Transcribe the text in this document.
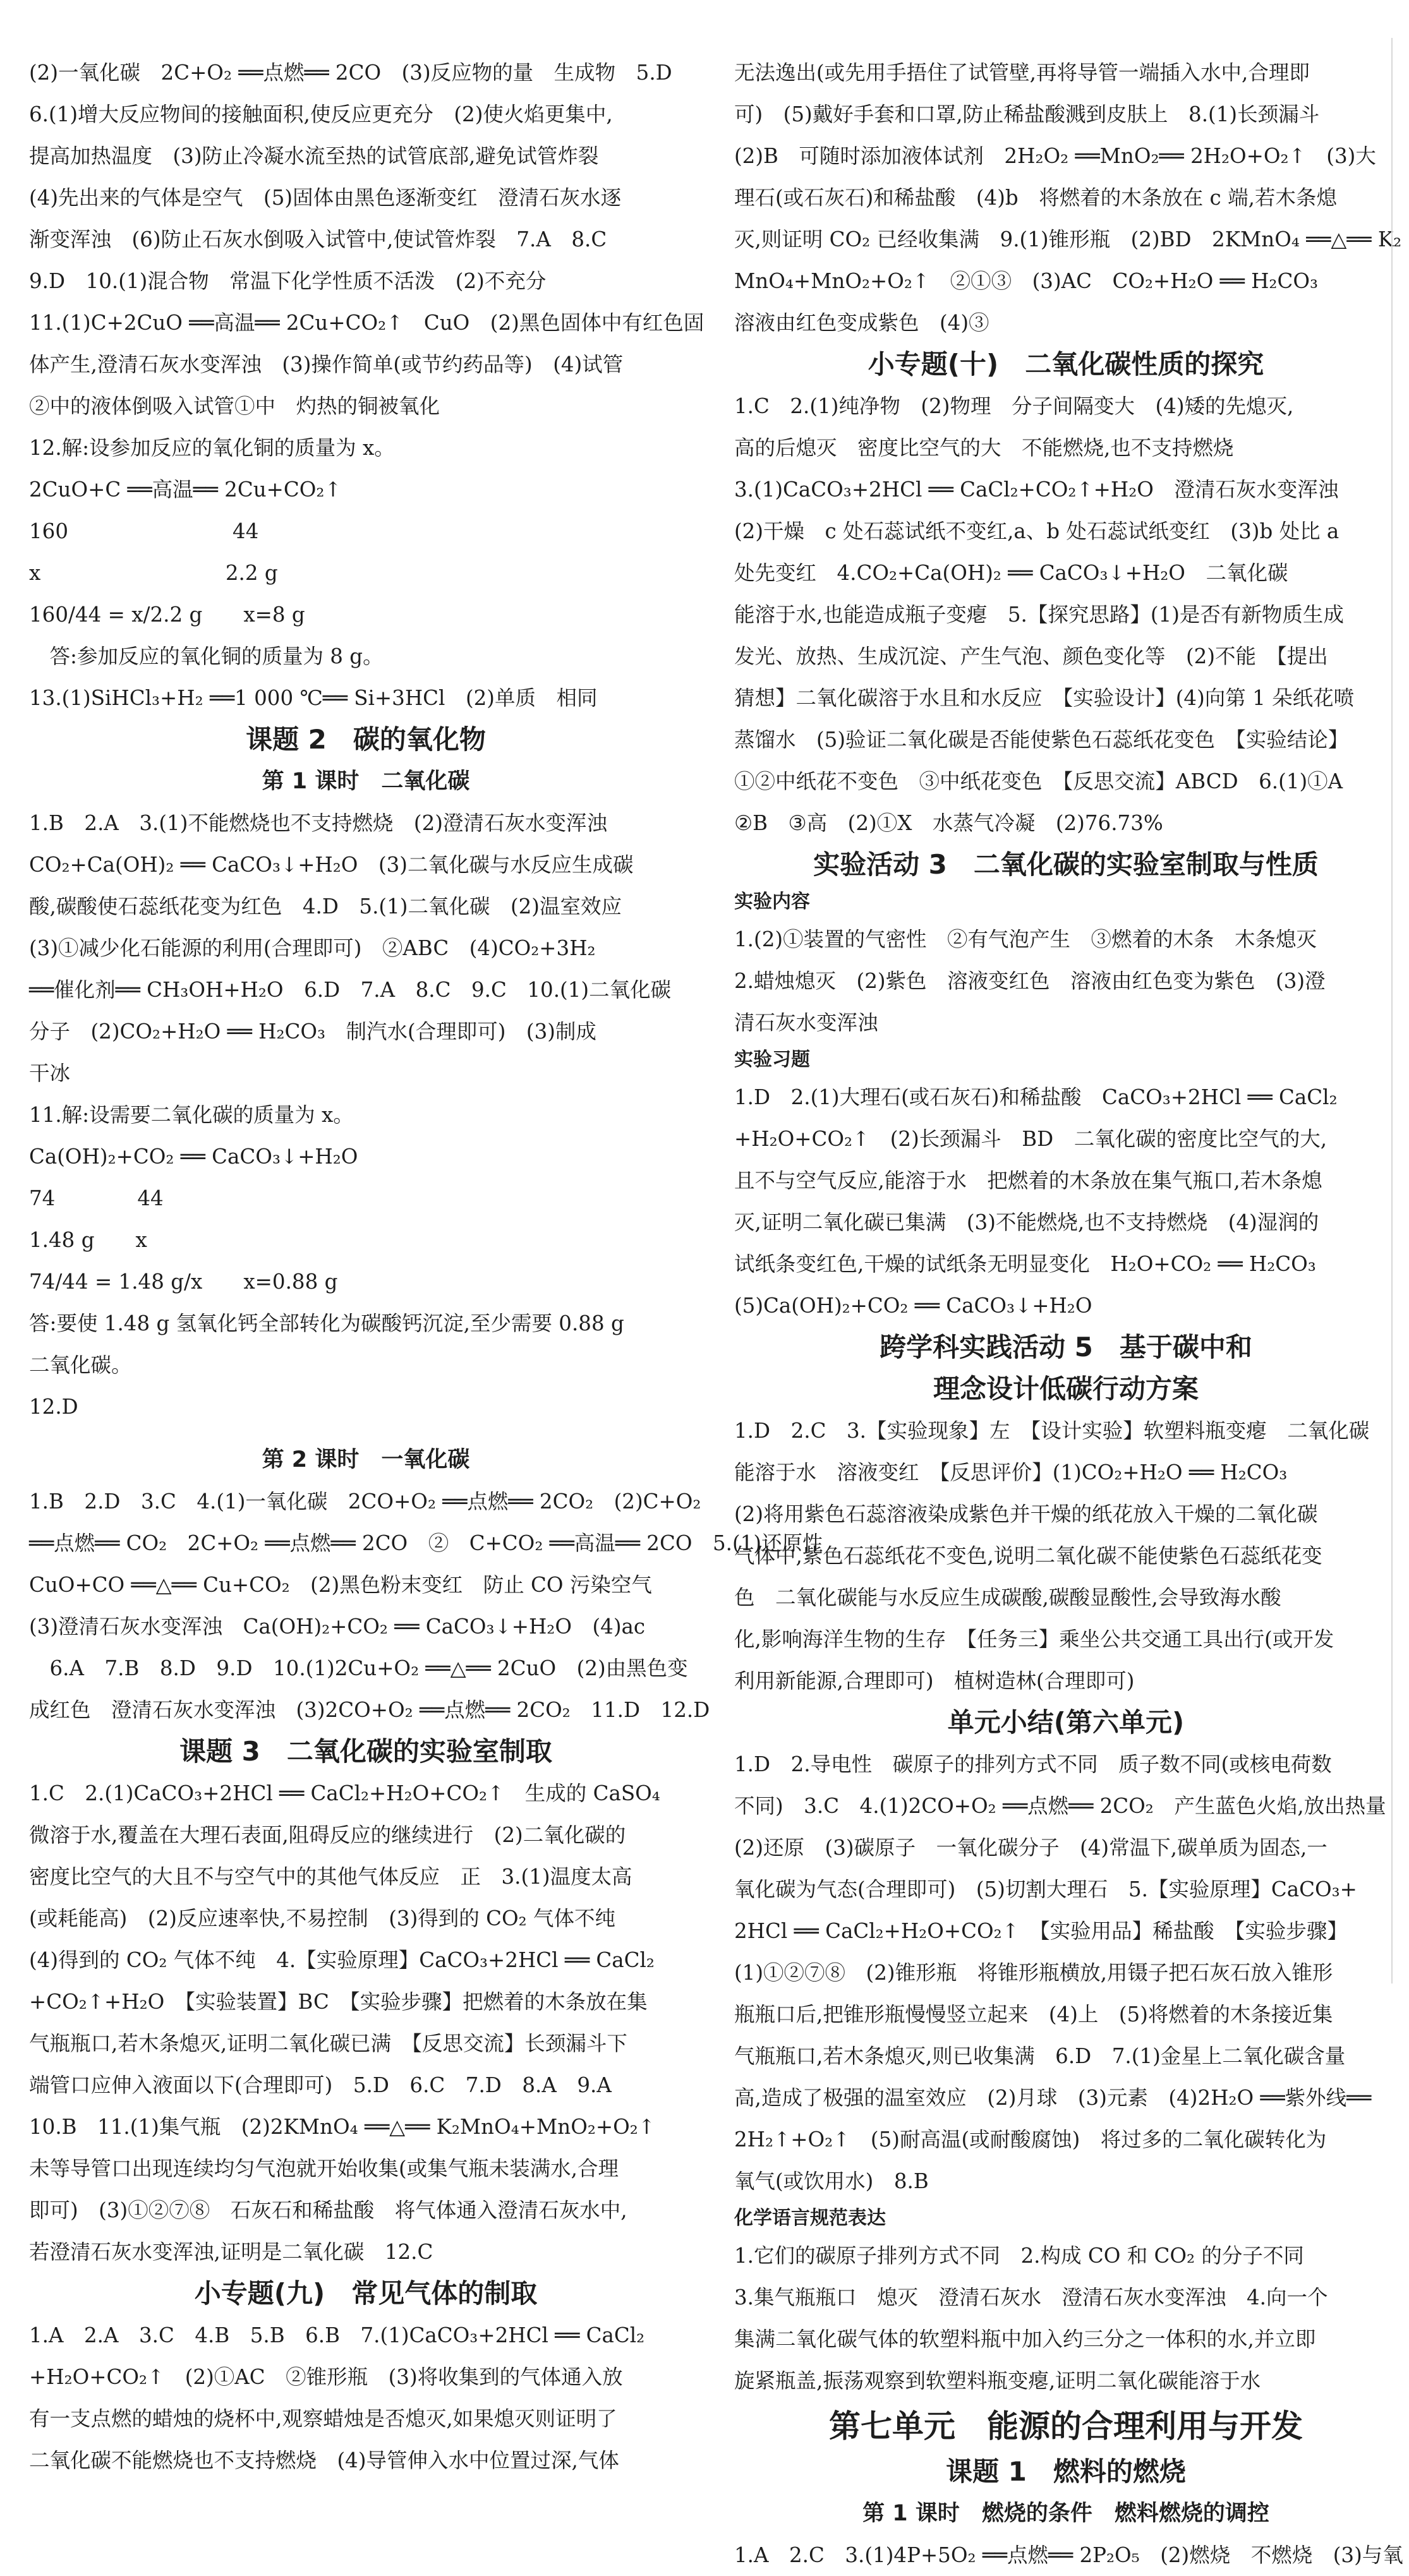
(2)一氧化碳　2C+O₂ ══点燃══ 2CO　(3)反应物的量　生成物　5.D
6.(1)增大反应物间的接触面积,使反应更充分　(2)使火焰更集中,
提高加热温度　(3)防止冷凝水流至热的试管底部,避免试管炸裂
(4)先出来的气体是空气　(5)固体由黑色逐渐变红　澄清石灰水逐
渐变浑浊　(6)防止石灰水倒吸入试管中,使试管炸裂　7.A　8.C
9.D　10.(1)混合物　常温下化学性质不活泼　(2)不充分
11.(1)C+2CuO ══高温══ 2Cu+CO₂↑　CuO　(2)黑色固体中有红色固
体产生,澄清石灰水变浑浊　(3)操作简单(或节约药品等)　(4)试管
②中的液体倒吸入试管①中　灼热的铜被氧化
12.解:设参加反应的氧化铜的质量为 x。
2CuO+C ══高温══ 2Cu+CO₂↑
160　　　　　　　　44
x　　　　　　　　　2.2 g
160/44 = x/2.2 g　　x=8 g
　答:参加反应的氧化铜的质量为 8 g。
13.(1)SiHCl₃+H₂ ══1 000 ℃══ Si+3HCl　(2)单质　相同
课题 2　碳的氧化物
第 1 课时　二氧化碳
1.B　2.A　3.(1)不能燃烧也不支持燃烧　(2)澄清石灰水变浑浊
CO₂+Ca(OH)₂ ══ CaCO₃↓+H₂O　(3)二氧化碳与水反应生成碳
酸,碳酸使石蕊纸花变为红色　4.D　5.(1)二氧化碳　(2)温室效应
(3)①减少化石能源的利用(合理即可)　②ABC　(4)CO₂+3H₂
══催化剂══ CH₃OH+H₂O　6.D　7.A　8.C　9.C　10.(1)二氧化碳
分子　(2)CO₂+H₂O ══ H₂CO₃　制汽水(合理即可)　(3)制成
干冰
11.解:设需要二氧化碳的质量为 x。
Ca(OH)₂+CO₂ ══ CaCO₃↓+H₂O
74　　　　44
1.48 g　　x
74/44 = 1.48 g/x　　x=0.88 g
答:要使 1.48 g 氢氧化钙全部转化为碳酸钙沉淀,至少需要 0.88 g
二氧化碳。
12.D
第 2 课时　一氧化碳
1.B　2.D　3.C　4.(1)一氧化碳　2CO+O₂ ══点燃══ 2CO₂　(2)C+O₂
══点燃══ CO₂　2C+O₂ ══点燃══ 2CO　②　C+CO₂ ══高温══ 2CO　5.(1)还原性
CuO+CO ══△══ Cu+CO₂　(2)黑色粉末变红　防止 CO 污染空气
(3)澄清石灰水变浑浊　Ca(OH)₂+CO₂ ══ CaCO₃↓+H₂O　(4)ac
　6.A　7.B　8.D　9.D　10.(1)2Cu+O₂ ══△══ 2CuO　(2)由黑色变
成红色　澄清石灰水变浑浊　(3)2CO+O₂ ══点燃══ 2CO₂　11.D　12.D
课题 3　二氧化碳的实验室制取
1.C　2.(1)CaCO₃+2HCl ══ CaCl₂+H₂O+CO₂↑　生成的 CaSO₄
微溶于水,覆盖在大理石表面,阻碍反应的继续进行　(2)二氧化碳的
密度比空气的大且不与空气中的其他气体反应　正　3.(1)温度太高
(或耗能高)　(2)反应速率快,不易控制　(3)得到的 CO₂ 气体不纯
(4)得到的 CO₂ 气体不纯　4.【实验原理】CaCO₃+2HCl ══ CaCl₂
+CO₂↑+H₂O　【实验装置】BC　【实验步骤】把燃着的木条放在集
气瓶瓶口,若木条熄灭,证明二氧化碳已满　【反思交流】长颈漏斗下
端管口应伸入液面以下(合理即可)　5.D　6.C　7.D　8.A　9.A
10.B　11.(1)集气瓶　(2)2KMnO₄ ══△══ K₂MnO₄+MnO₂+O₂↑
未等导管口出现连续均匀气泡就开始收集(或集气瓶未装满水,合理
即可)　(3)①②⑦⑧　石灰石和稀盐酸　将气体通入澄清石灰水中,
若澄清石灰水变浑浊,证明是二氧化碳　12.C
小专题(九)　常见气体的制取
1.A　2.A　3.C　4.B　5.B　6.B　7.(1)CaCO₃+2HCl ══ CaCl₂
+H₂O+CO₂↑　(2)①AC　②锥形瓶　(3)将收集到的气体通入放
有一支点燃的蜡烛的烧杯中,观察蜡烛是否熄灭,如果熄灭则证明了
二氧化碳不能燃烧也不支持燃烧　(4)导管伸入水中位置过深,气体
无法逸出(或先用手捂住了试管壁,再将导管一端插入水中,合理即
可)　(5)戴好手套和口罩,防止稀盐酸溅到皮肤上　8.(1)长颈漏斗
(2)B　可随时添加液体试剂　2H₂O₂ ══MnO₂══ 2H₂O+O₂↑　(3)大
理石(或石灰石)和稀盐酸　(4)b　将燃着的木条放在 c 端,若木条熄
灭,则证明 CO₂ 已经收集满　9.(1)锥形瓶　(2)BD　2KMnO₄ ══△══ K₂
MnO₄+MnO₂+O₂↑　②①③　(3)AC　CO₂+H₂O ══ H₂CO₃
溶液由红色变成紫色　(4)③
小专题(十)　二氧化碳性质的探究
1.C　2.(1)纯净物　(2)物理　分子间隔变大　(4)矮的先熄灭,
高的后熄灭　密度比空气的大　不能燃烧,也不支持燃烧
3.(1)CaCO₃+2HCl ══ CaCl₂+CO₂↑+H₂O　澄清石灰水变浑浊
(2)干燥　c 处石蕊试纸不变红,a、b 处石蕊试纸变红　(3)b 处比 a
处先变红　4.CO₂+Ca(OH)₂ ══ CaCO₃↓+H₂O　二氧化碳
能溶于水,也能造成瓶子变瘪　5.【探究思路】(1)是否有新物质生成
发光、放热、生成沉淀、产生气泡、颜色变化等　(2)不能　【提出
猜想】二氧化碳溶于水且和水反应　【实验设计】(4)向第 1 朵纸花喷
蒸馏水　(5)验证二氧化碳是否能使紫色石蕊纸花变色　【实验结论】
①②中纸花不变色　③中纸花变色　【反思交流】ABCD　6.(1)①A
②B　③高　(2)①X　水蒸气冷凝　(2)76.73%
实验活动 3　二氧化碳的实验室制取与性质
实验内容
1.(2)①装置的气密性　②有气泡产生　③燃着的木条　木条熄灭
2.蜡烛熄灭　(2)紫色　溶液变红色　溶液由红色变为紫色　(3)澄
清石灰水变浑浊
实验习题
1.D　2.(1)大理石(或石灰石)和稀盐酸　CaCO₃+2HCl ══ CaCl₂
+H₂O+CO₂↑　(2)长颈漏斗　BD　二氧化碳的密度比空气的大,
且不与空气反应,能溶于水　把燃着的木条放在集气瓶口,若木条熄
灭,证明二氧化碳已集满　(3)不能燃烧,也不支持燃烧　(4)湿润的
试纸条变红色,干燥的试纸条无明显变化　H₂O+CO₂ ══ H₂CO₃
(5)Ca(OH)₂+CO₂ ══ CaCO₃↓+H₂O
跨学科实践活动 5　基于碳中和
理念设计低碳行动方案
1.D　2.C　3.【实验现象】左　【设计实验】软塑料瓶变瘪　二氧化碳
能溶于水　溶液变红　【反思评价】(1)CO₂+H₂O ══ H₂CO₃
(2)将用紫色石蕊溶液染成紫色并干燥的纸花放入干燥的二氧化碳
气体中,紫色石蕊纸花不变色,说明二氧化碳不能使紫色石蕊纸花变
色　二氧化碳能与水反应生成碳酸,碳酸显酸性,会导致海水酸
化,影响海洋生物的生存　【任务三】乘坐公共交通工具出行(或开发
利用新能源,合理即可)　植树造林(合理即可)
单元小结(第六单元)
1.D　2.导电性　碳原子的排列方式不同　质子数不同(或核电荷数
不同)　3.C　4.(1)2CO+O₂ ══点燃══ 2CO₂　产生蓝色火焰,放出热量
(2)还原　(3)碳原子　一氧化碳分子　(4)常温下,碳单质为固态,一
氧化碳为气态(合理即可)　(5)切割大理石　5.【实验原理】CaCO₃+
2HCl ══ CaCl₂+H₂O+CO₂↑　【实验用品】稀盐酸　【实验步骤】
(1)①②⑦⑧　(2)锥形瓶　将锥形瓶横放,用镊子把石灰石放入锥形
瓶瓶口后,把锥形瓶慢慢竖立起来　(4)上　(5)将燃着的木条接近集
气瓶瓶口,若木条熄灭,则已收集满　6.D　7.(1)金星上二氧化碳含量
高,造成了极强的温室效应　(2)月球　(3)元素　(4)2H₂O ══紫外线══
2H₂↑+O₂↑　(5)耐高温(或耐酸腐蚀)　将过多的二氧化碳转化为
氧气(或饮用水)　8.B
化学语言规范表达
1.它们的碳原子排列方式不同　2.构成 CO 和 CO₂ 的分子不同
3.集气瓶瓶口　熄灭　澄清石灰水　澄清石灰水变浑浊　4.向一个
集满二氧化碳气体的软塑料瓶中加入约三分之一体积的水,并立即
旋紧瓶盖,振荡观察到软塑料瓶变瘪,证明二氧化碳能溶于水
第七单元　能源的合理利用与开发
课题 1　燃料的燃烧
第 1 课时　燃烧的条件　燃料燃烧的调控
1.A　2.C　3.(1)4P+5O₂ ══点燃══ 2P₂O₅　(2)燃烧　不燃烧　(3)与氧
